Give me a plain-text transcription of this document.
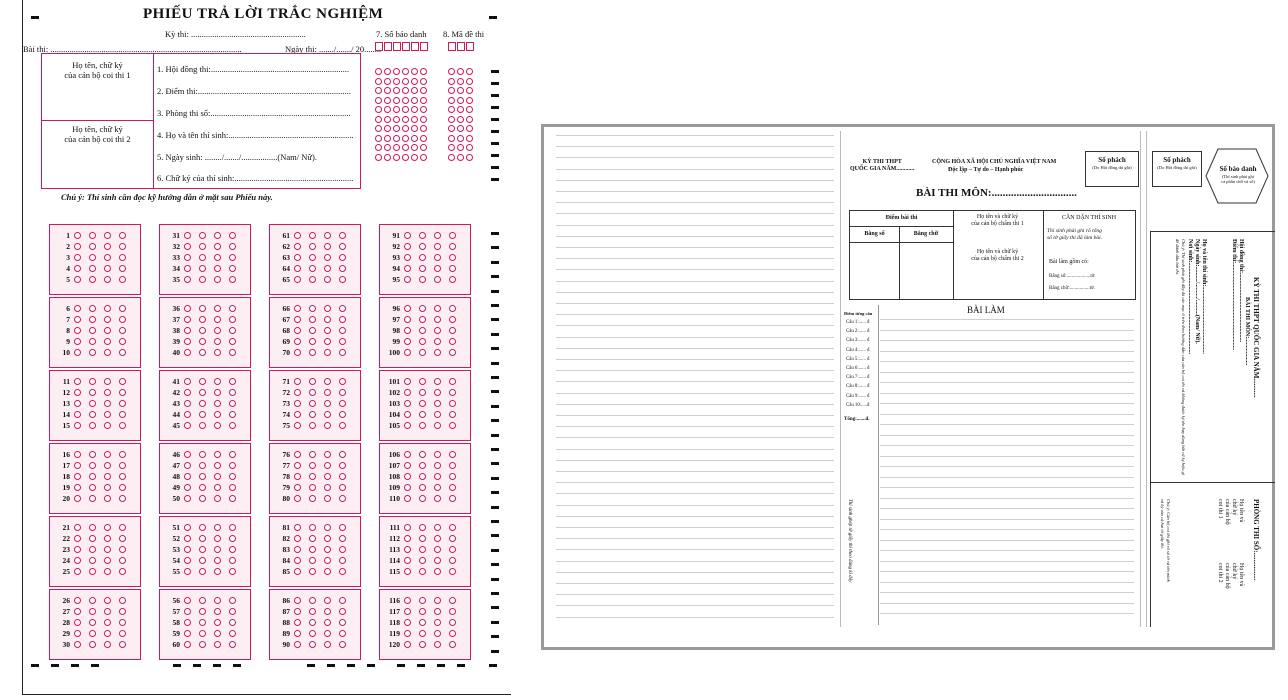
PHIẾU TRẢ LỜI TRẮC NGHIỆM
Kỳ thi: ......................................................
Bài thi: ..........................................................................................	Ngày thi: ......./......./ 20........
7. Số báo danh 8. Mã đề thi
Họ tên, chữ ký
của cán bộ coi thi 1
Họ tên, chữ ký
của cán bộ coi thi 2
1. Hội đồng thi:.................................................................
2. Điểm thi:........................................................................
3. Phòng thi số:..................................................................
4. Họ và tên thí sinh:...........................................................
5. Ngày sinh: ......../......./.................(Nam/ Nữ).
6. Chữ ký của thí sinh:........................................................
Chú ý: Thí sinh cần đọc kỹ hướng dẫn ở mặt sau Phiếu này.
1
2
3
4
5
6
7
8
9
10
11
12
13
14
15
16
17
18
19
20
21
22
23
24
25
26
27
28
29
30
31
32
33
34
35
36
37
38
39
40
41
42
43
44
45
46
47
48
49
50
51
52
53
54
55
56
57
58
59
60
61
62
63
64
65
66
67
68
69
70
71
72
73
74
75
76
77
78
79
80
81
82
83
84
85
86
87
88
89
90
91
92
93
94
95
96
97
98
99
100
101
102
103
104
105
106
107
108
109
110
111
112
113
114
115
116
117
118
119
120
KỲ THI THPT
QUỐC GIA NĂM............
CỘNG HÒA XÃ HỘI CHỦ NGHĨA VIỆT NAM
Độc lập – Tự do – Hạnh phúc
Số phách
(Do Hội đồng thi ghi)
BÀI THI MÔN:...............................
Điểm bài thi
Bằng số	Bằng chữ
Họ tên và chữ ký
của cán bộ chấm thi 1
Họ tên và chữ ký
của cán bộ chấm thi 2
CĂN DẶN THÍ SINH
Thí sinh phải ghi rõ tổng
số tờ giấy thi đã làm bài.
Bài làm gồm có:
Bằng số:...................tờ.
Bằng chữ:................tờ.
BÀI LÀM
Điểm từng câu
Câu 1:...... đ
Câu 2:...... đ
Câu 3:...... đ
Câu 4:...... đ
Câu 5:...... đ
Câu 6:...... đ
Câu 7:...... đ
Câu 8:...... đ
Câu 9:...... đ
Câu 10:.....đ
Tổng:.......đ.
Thí sinh ghép tờ giấy thi theo đúng kì đây
Số phách
(Do Hội đồng thi ghi)	Số báo danh
(Thí sinh phải ghi
cả phần chữ và số)
KỲ THI THPT QUỐC GIA NĂM...........
BÀI THI MÔN:..................
Hội đồng thi:..............................................
Điểm thi:..........................................................
Họ và tên thí sinh:.............................................
Ngày sinh:........../........../..........(Nam/ Nữ).
Nơi sinh:.............................................................
Chú ý: Thí sinh phải ghi đầy đủ các mục ở trên theo hướng dẫn của cán bộ coi thi và không được ký tên hay dùng bất cứ ký hiệu gì để đánh dấu bài thi.
PHÒNG THI SỐ:................
Họ tên và chữ ký
của cán bộ coi thi 1
Họ tên và chữ ký
của cán bộ coi thi 2
Chú ý: Cán bộ coi thi ghi rõ số tờ và tên mình
và ký vào cả hai tờ giấy thi.
